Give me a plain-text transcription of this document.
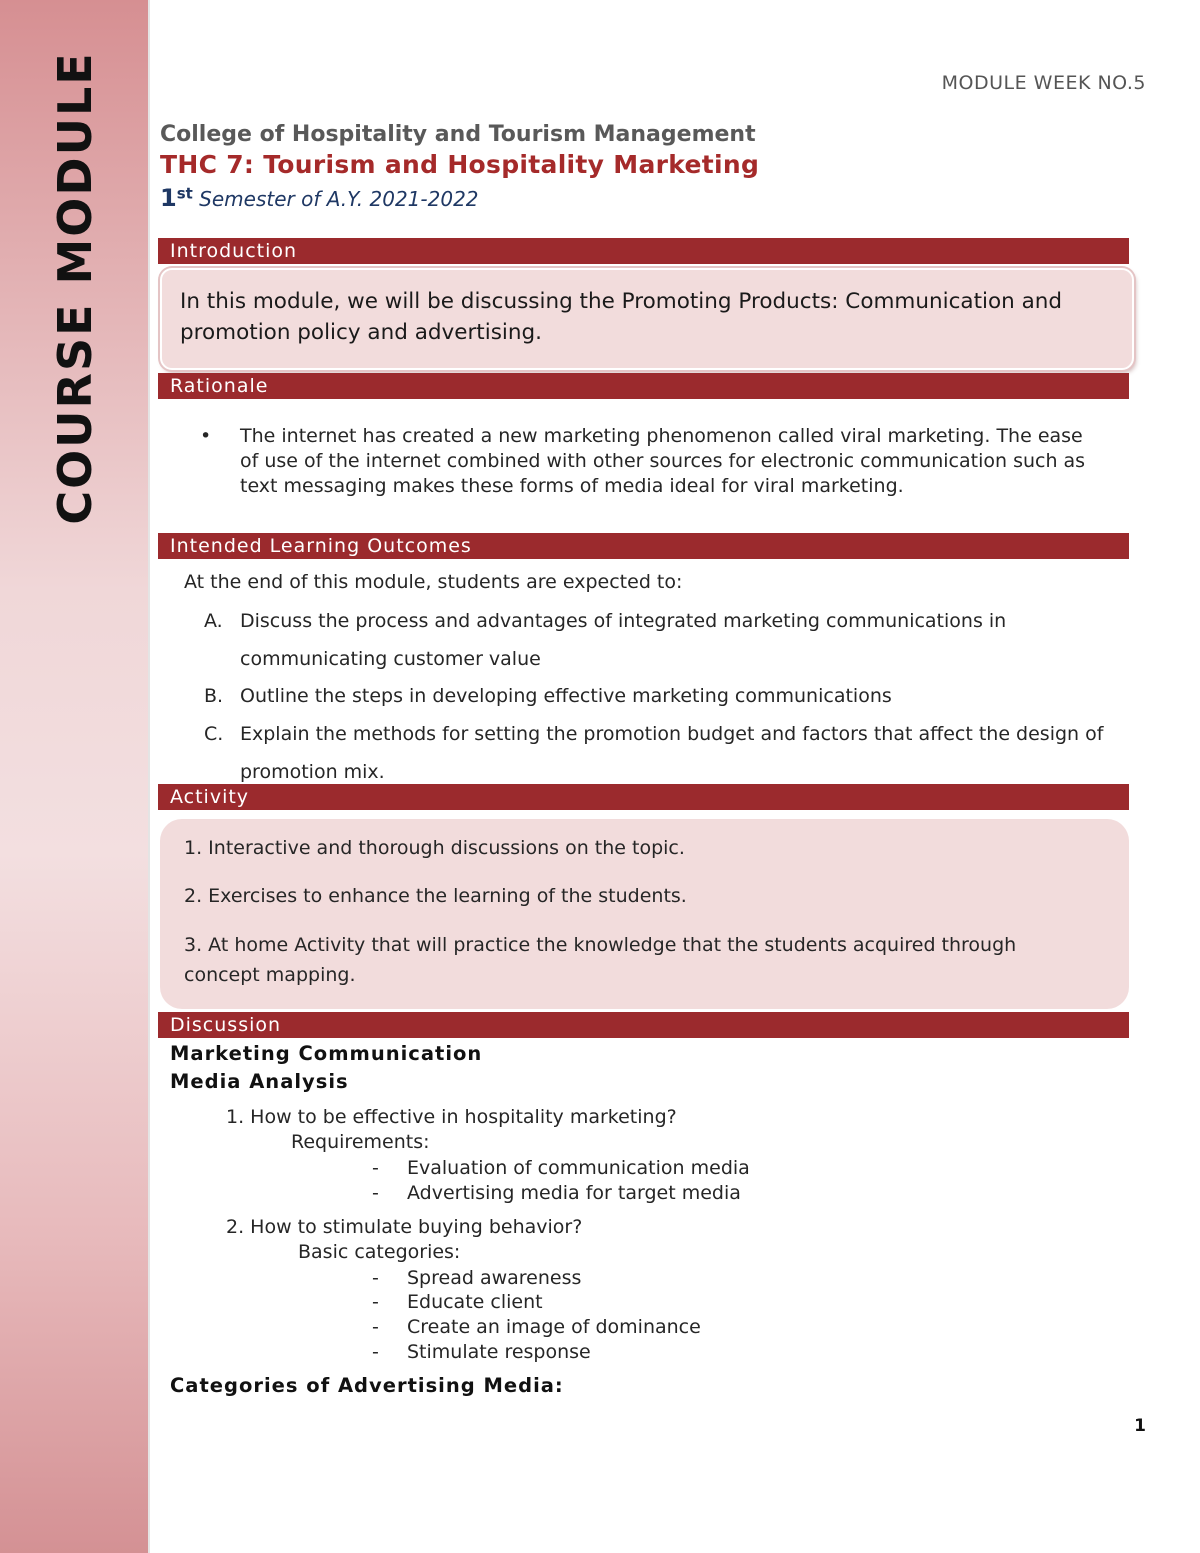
COURSE MODULE	MODULE WEEK NO.5
College of Hospitality and Tourism Management
THC 7: Tourism and Hospitality Marketing
1st Semester of A.Y. 2021-2022
Introduction
In this module, we will be discussing the Promoting Products: Communication and promotion policy and advertising.
Rationale
• The internet has created a new marketing phenomenon called viral marketing. The ease of use of the internet combined with other sources for electronic communication such as text messaging makes these forms of media ideal for viral marketing.
Intended Learning Outcomes
At the end of this module, students are expected to:
A. Discuss the process and advantages of integrated marketing communications in communicating customer value
B. Outline the steps in developing effective marketing communications
C. Explain the methods for setting the promotion budget and factors that affect the design of promotion mix.
Activity
1. Interactive and thorough discussions on the topic.
2. Exercises to enhance the learning of the students.
3. At home Activity that will practice the knowledge that the students acquired through concept mapping.
Discussion
Marketing Communication
Media Analysis
1. How to be effective in hospitality marketing?
Requirements:
- Evaluation of communication media
- Advertising media for target media
2. How to stimulate buying behavior?
Basic categories:
- Spread awareness
- Educate client
- Create an image of dominance
- Stimulate response
Categories of Advertising Media:
1
